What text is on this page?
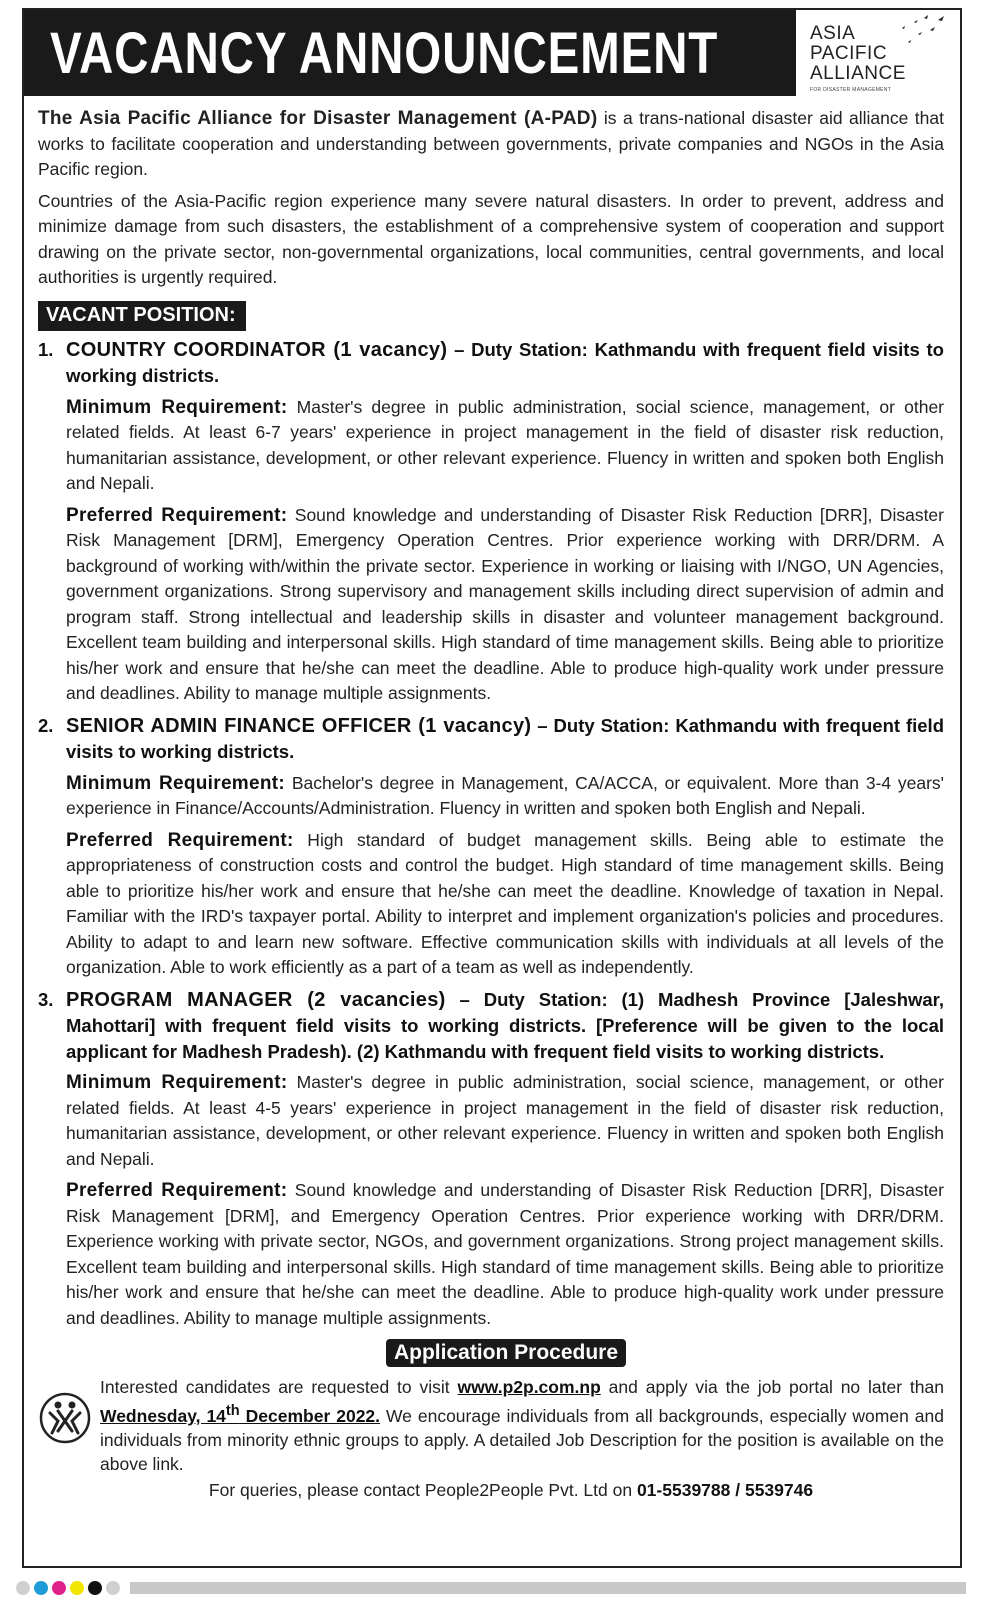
VACANCY ANNOUNCEMENT	ASIA
PACIFIC
ALLIANCE
FOR DISASTER MANAGEMENT

The Asia Pacific Alliance for Disaster Management (A-PAD) is a trans-national disaster aid alliance that works to facilitate cooperation and understanding between governments, private companies and NGOs in the Asia Pacific region.

Countries of the Asia-Pacific region experience many severe natural disasters. In order to prevent, address and minimize damage from such disasters, the establishment of a comprehensive system of cooperation and support drawing on the private sector, non-governmental organizations, local communities, central governments, and local authorities is urgently required.

VACANT POSITION:
1. COUNTRY COORDINATOR (1 vacancy) – Duty Station: Kathmandu with frequent field visits to working districts.

Minimum Requirement: Master's degree in public administration, social science, management, or other related fields. At least 6-7 years' experience in project management in the field of disaster risk reduction, humanitarian assistance, development, or other relevant experience. Fluency in written and spoken both English and Nepali.

Preferred Requirement: Sound knowledge and understanding of Disaster Risk Reduction [DRR], Disaster Risk Management [DRM], Emergency Operation Centres. Prior experience working with DRR/DRM. A background of working with/within the private sector. Experience in working or liaising with I/NGO, UN Agencies, government organizations. Strong supervisory and management skills including direct supervision of admin and program staff. Strong intellectual and leadership skills in disaster and volunteer management background. Excellent team building and interpersonal skills. High standard of time management skills. Being able to prioritize his/her work and ensure that he/she can meet the deadline. Able to produce high-quality work under pressure and deadlines. Ability to manage multiple assignments.

2. SENIOR ADMIN FINANCE OFFICER (1 vacancy) – Duty Station: Kathmandu with frequent field visits to working districts.

Minimum Requirement: Bachelor's degree in Management, CA/ACCA, or equivalent. More than 3-4 years' experience in Finance/Accounts/Administration. Fluency in written and spoken both English and Nepali.

Preferred Requirement: High standard of budget management skills. Being able to estimate the appropriateness of construction costs and control the budget. High standard of time management skills. Being able to prioritize his/her work and ensure that he/she can meet the deadline. Knowledge of taxation in Nepal. Familiar with the IRD's taxpayer portal. Ability to interpret and implement organization's policies and procedures. Ability to adapt to and learn new software. Effective communication skills with individuals at all levels of the organization. Able to work efficiently as a part of a team as well as independently.

3. PROGRAM MANAGER (2 vacancies) – Duty Station: (1) Madhesh Province [Jaleshwar, Mahottari] with frequent field visits to working districts. [Preference will be given to the local applicant for Madhesh Pradesh). (2) Kathmandu with frequent field visits to working districts.

Minimum Requirement: Master's degree in public administration, social science, management, or other related fields. At least 4-5 years' experience in project management in the field of disaster risk reduction, humanitarian assistance, development, or other relevant experience. Fluency in written and spoken both English and Nepali.

Preferred Requirement: Sound knowledge and understanding of Disaster Risk Reduction [DRR], Disaster Risk Management [DRM], and Emergency Operation Centres. Prior experience working with DRR/DRM. Experience working with private sector, NGOs, and government organizations. Strong project management skills. Excellent team building and interpersonal skills. High standard of time management skills. Being able to prioritize his/her work and ensure that he/she can meet the deadline. Able to produce high-quality work under pressure and deadlines. Ability to manage multiple assignments.

Application Procedure

Interested candidates are requested to visit www.p2p.com.np and apply via the job portal no later than Wednesday, 14th December 2022. We encourage individuals from all backgrounds, especially women and individuals from minority ethnic groups to apply. A detailed Job Description for the position is available on the above link.

For queries, please contact People2People Pvt. Ltd on 01-5539788 / 5539746
